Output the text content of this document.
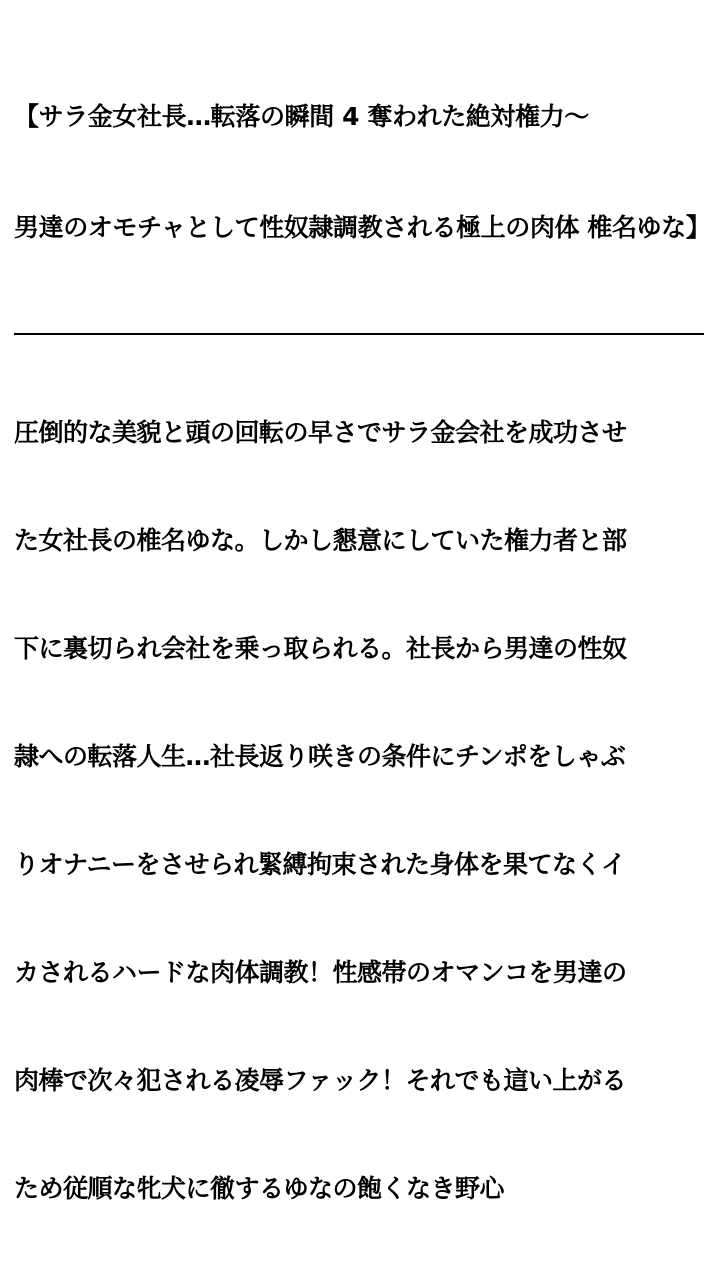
【サラ金女社長…転落の瞬間 4 奪われた絶対権力～

男達のオモチャとして性奴隷調教される極上の肉体 椎名ゆな】

圧倒的な美貌と頭の回転の早さでサラ金会社を成功させ

た女社長の椎名ゆな。しかし懇意にしていた権力者と部

下に裏切られ会社を乗っ取られる。社長から男達の性奴

隷への転落人生…社長返り咲きの条件にチンポをしゃぶ

りオナニーをさせられ緊縛拘束された身体を果てなくイ

カされるハードな肉体調教！性感帯のオマンコを男達の

肉棒で次々犯される凌辱ファック！それでも這い上がる

ため従順な牝犬に徹するゆなの飽くなき野心
